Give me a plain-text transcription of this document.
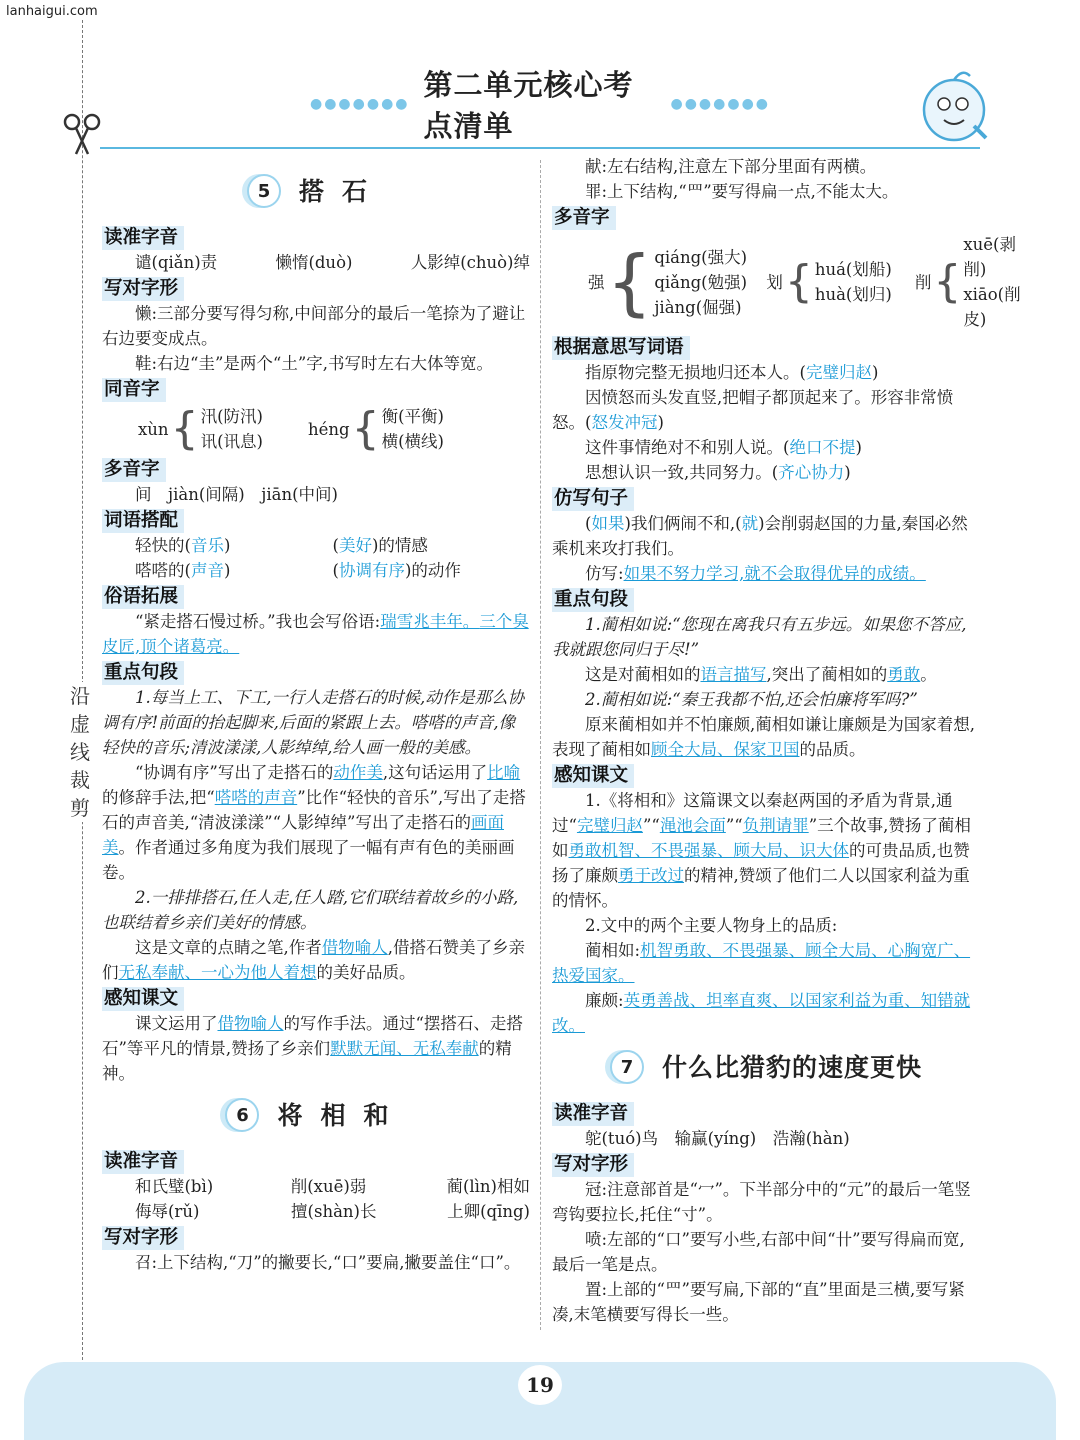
lanhaigui.com
沿虚线裁剪
●●●●●●●
第二单元核心考点清单
●●●●●●●
5	搭石
读准字音
谴(qiǎn)责	懒惰(duò)	人影绰(chuò)绰
写对字形

懒:三部分要写得匀称,中间部分的最后一笔捺为了避让右边要变成点。

鞋:右边“圭”是两个“土”字,书写时左右大体等宽。

同音字
xùn { 汛(防汛)
讯(讯息)
héng { 衡(平衡)
横(横线)
多音字

间　jiàn(间隔)　jiān(中间)

词语搭配
轻快的(音乐)	(美好)的情感
嗒嗒的(声音)	(协调有序)的动作
俗语拓展

“紧走搭石慢过桥。”我也会写俗语:瑞雪兆丰年。三个臭皮匠,顶个诸葛亮。

重点句段

1.每当上工、下工,一行人走搭石的时候,动作是那么协调有序!前面的抬起脚来,后面的紧跟上去。嗒嗒的声音,像轻快的音乐;清波漾漾,人影绰绰,给人画一般的美感。

“协调有序”写出了走搭石的动作美,这句话运用了比喻的修辞手法,把“嗒嗒的声音”比作“轻快的音乐”,写出了走搭石的声音美,“清波漾漾”“人影绰绰”写出了走搭石的画面美。作者通过多角度为我们展现了一幅有声有色的美丽画卷。

2.一排排搭石,任人走,任人踏,它们联结着故乡的小路,也联结着乡亲们美好的情感。

这是文章的点睛之笔,作者借物喻人,借搭石赞美了乡亲们无私奉献、一心为他人着想的美好品质。

感知课文

课文运用了借物喻人的写作手法。通过“摆搭石、走搭石”等平凡的情景,赞扬了乡亲们默默无闻、无私奉献的精神。

6	将相和
读准字音
和氏璧(bì)	削(xuē)弱	蔺(lìn)相如
侮辱(rǔ)	擅(shàn)长	上卿(qīng)
写对字形

召:上下结构,“刀”的撇要长,“口”要扁,撇要盖住“口”。

献:左右结构,注意左下部分里面有两横。

罪:上下结构,“罒”要写得扁一点,不能太大。

多音字
强 { qiáng(强大)
qiǎng(勉强)
jiàng(倔强)
划 { huá(划船)
huà(划归)
削 {
xuē(剥削)
xiāo(削皮)
根据意思写词语

指原物完整无损地归还本人。(完璧归赵)

因愤怒而头发直竖,把帽子都顶起来了。形容非常愤怒。(怒发冲冠)

这件事情绝对不和别人说。(绝口不提)

思想认识一致,共同努力。(齐心协力)

仿写句子

(如果)我们俩闹不和,(就)会削弱赵国的力量,秦国必然乘机来攻打我们。

仿写:如果不努力学习,就不会取得优异的成绩。

重点句段

1.蔺相如说:“您现在离我只有五步远。如果您不答应,我就跟您同归于尽!”

这是对蔺相如的语言描写,突出了蔺相如的勇敢。

2.蔺相如说:“秦王我都不怕,还会怕廉将军吗?”

原来蔺相如并不怕廉颇,蔺相如谦让廉颇是为国家着想,表现了蔺相如顾全大局、保家卫国的品质。

感知课文

1.《将相和》这篇课文以秦赵两国的矛盾为背景,通过“完璧归赵”“渑池会面”“负荆请罪”三个故事,赞扬了蔺相如勇敢机智、不畏强暴、顾大局、识大体的可贵品质,也赞扬了廉颇勇于改过的精神,赞颂了他们二人以国家利益为重的情怀。

2.文中的两个主要人物身上的品质:

蔺相如:机智勇敢、不畏强暴、顾全大局、心胸宽广、热爱国家。

廉颇:英勇善战、坦率直爽、以国家利益为重、知错就改。

7	什么比猎豹的速度更快
读准字音

鸵(tuó)鸟　输赢(yíng)　浩瀚(hàn)

写对字形

冠:注意部首是“冖”。下半部分中的“元”的最后一笔竖弯钩要拉长,托住“寸”。

喷:左部的“口”要写小些,右部中间“卄”要写得扁而宽,最后一笔是点。

置:上部的“罒”要写扁,下部的“直”里面是三横,要写紧凑,末笔横要写得长一些。

19
